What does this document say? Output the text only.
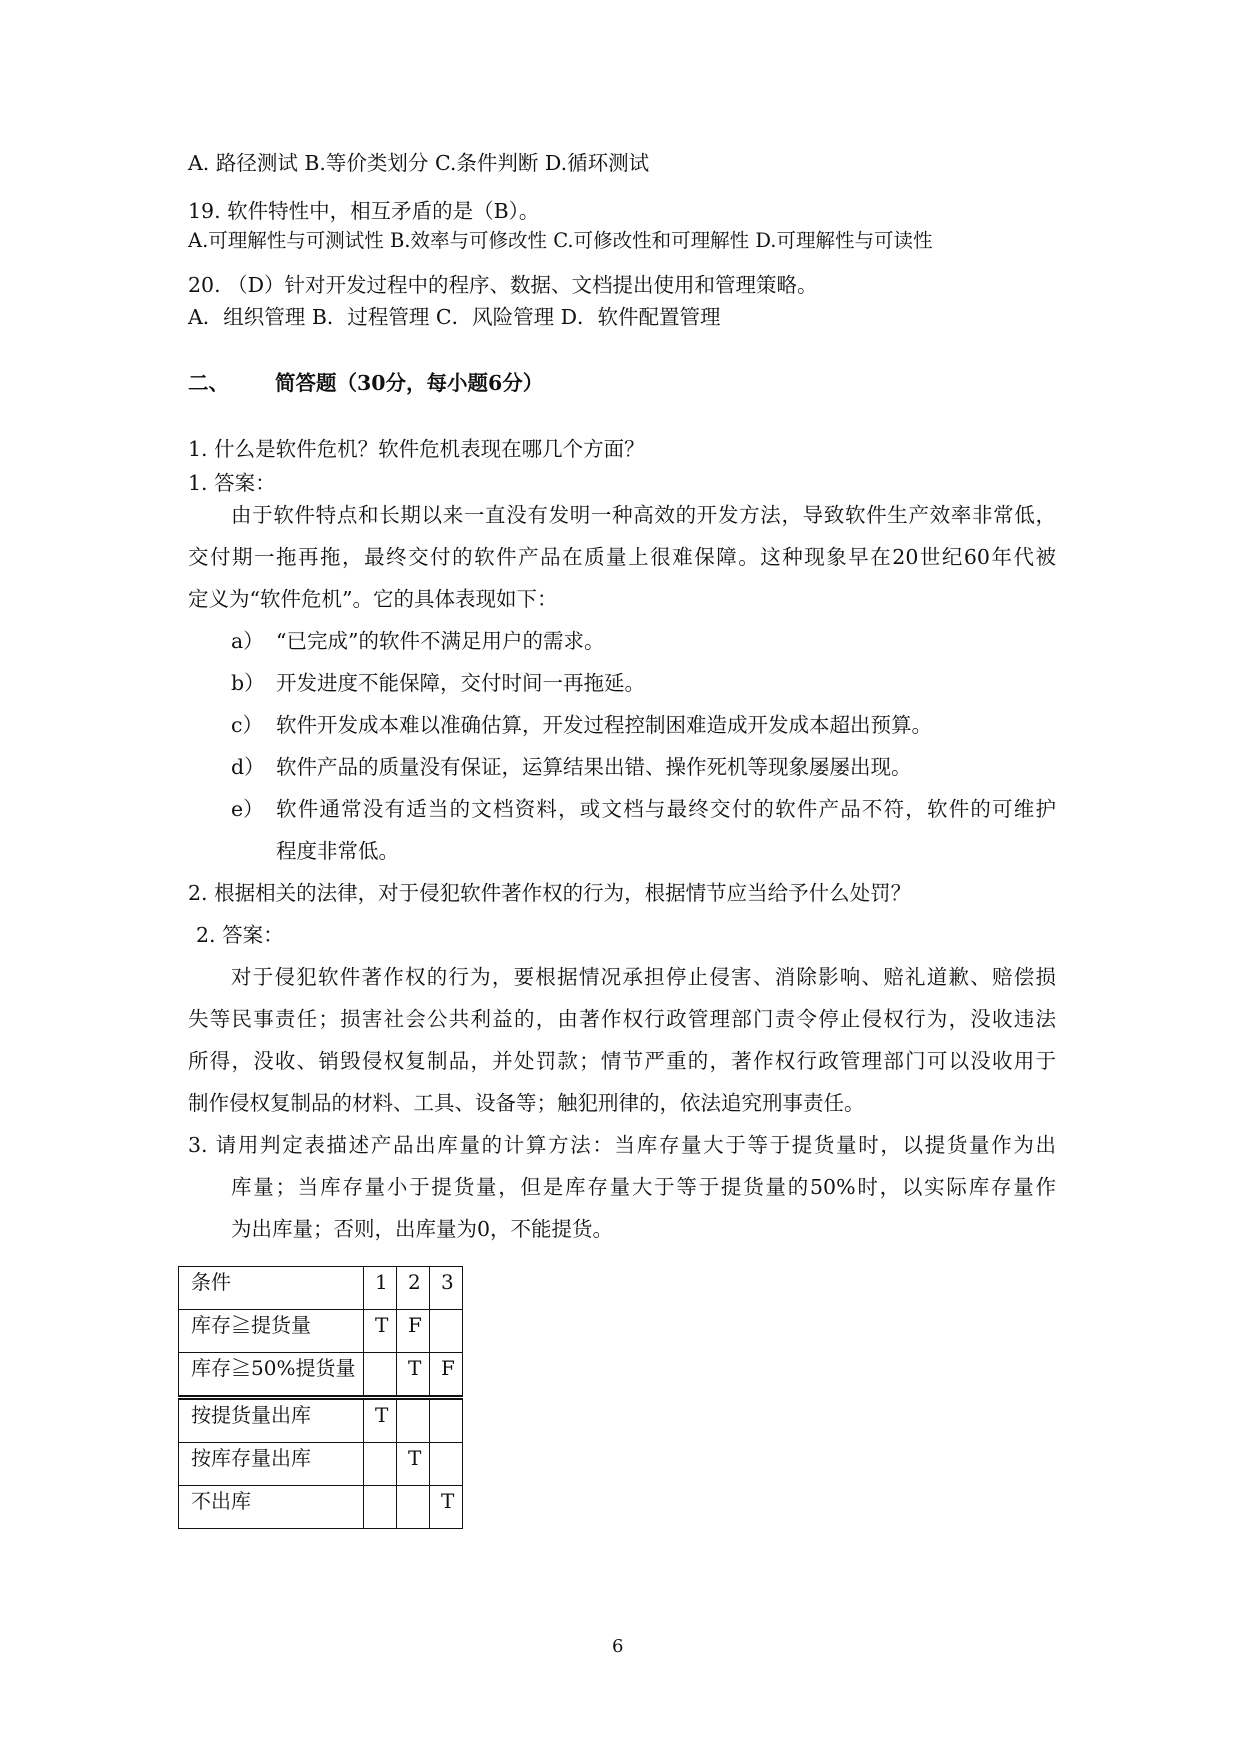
A. 路径测试 B.等价类划分 C.条件判断 D.循环测试
19. 软件特性中，相互矛盾的是（B）。
A.可理解性与可测试性 B.效率与可修改性 C.可修改性和可理解性 D.可理解性与可读性
20. （D）针对开发过程中的程序、数据、文档提出使用和管理策略。
A．组织管理 B．过程管理 C．风险管理 D．软件配置管理
二、 简答题（30分，每小题6分）
1. 什么是软件危机？软件危机表现在哪几个方面？
1. 答案：
由于软件特点和长期以来一直没有发明一种高效的开发方法，导致软件生产效率非常低，
交付期一拖再拖，最终交付的软件产品在质量上很难保障。这种现象早在20世纪60年代被
定义为“软件危机”。它的具体表现如下：
a） “已完成”的软件不满足用户的需求。
b） 开发进度不能保障，交付时间一再拖延。
c） 软件开发成本难以准确估算，开发过程控制困难造成开发成本超出预算。
d） 软件产品的质量没有保证，运算结果出错、操作死机等现象屡屡出现。
e） 软件通常没有适当的文档资料，或文档与最终交付的软件产品不符，软件的可维护
程度非常低。
2. 根据相关的法律，对于侵犯软件著作权的行为，根据情节应当给予什么处罚？
2. 答案：
对于侵犯软件著作权的行为，要根据情况承担停止侵害、消除影响、赔礼道歉、赔偿损
失等民事责任；损害社会公共利益的，由著作权行政管理部门责令停止侵权行为，没收违法
所得，没收、销毁侵权复制品，并处罚款；情节严重的，著作权行政管理部门可以没收用于
制作侵权复制品的材料、工具、设备等；触犯刑律的，依法追究刑事责任。
3. 请用判定表描述产品出库量的计算方法：当库存量大于等于提货量时，以提货量作为出
库量；当库存量小于提货量，但是库存量大于等于提货量的50%时，以实际库存量作
为出库量；否则，出库量为0，不能提货。
条件	1	2	3
库存≧提货量	T	F	
库存≧50%提货量		T	F
按提货量出库	T		
按库存量出库		T	
不出库			T
6
